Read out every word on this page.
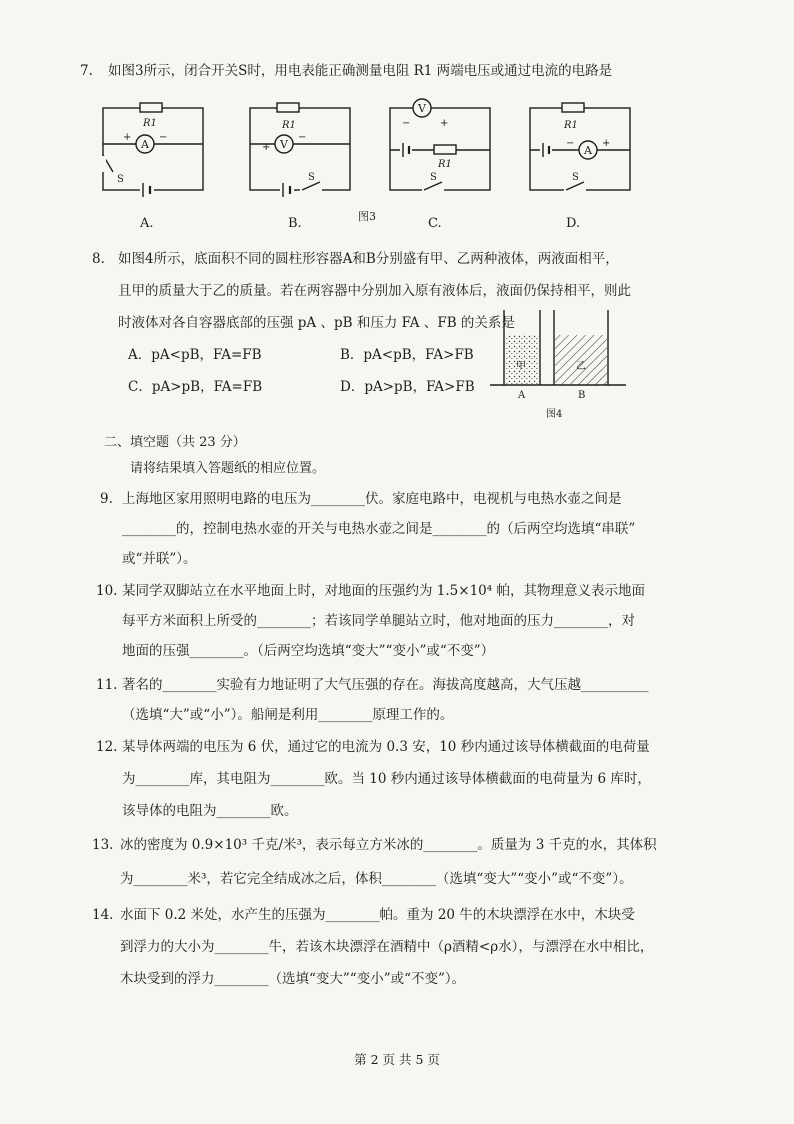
7. 如图3所示，闭合开关S时，用电表能正确测量电阻 R1 两端电压或通过电流的电路是
A
R1
+	−
S
A.
V
R1
+
−
S
B.	图3
V
−	+
R1
S
C.
R1
A
−	+
S
D.
8. 如图4所示，底面积不同的圆柱形容器A和B分别盛有甲、乙两种液体，两液面相平，
且甲的质量大于乙的质量。若在两容器中分别加入原有液体后，液面仍保持相平，则此
时液体对各自容器底部的压强 pA 、pB 和压力 FA 、FB 的关系是
A．pA<pB，FA=FB	B．pA<pB，FA>FB
C．pA>pB，FA=FB	D．pA>pB，FA>FB
甲	乙
A	B
图4
二、填空题（共 23 分）
请将结果填入答题纸的相应位置。
9. 上海地区家用照明电路的电压为________伏。家庭电路中，电视机与电热水壶之间是
________的，控制电热水壶的开关与电热水壶之间是________的（后两空均选填“串联”
或“并联”）。
10. 某同学双脚站立在水平地面上时，对地面的压强约为 1.5×10⁴ 帕，其物理意义表示地面
每平方米面积上所受的________；若该同学单腿站立时，他对地面的压力________，对
地面的压强________。（后两空均选填“变大”“变小”或“不变”）
11. 著名的________实验有力地证明了大气压强的存在。海拔高度越高，大气压越__________
（选填“大”或“小”）。船闸是利用________原理工作的。
12. 某导体两端的电压为 6 伏，通过它的电流为 0.3 安，10 秒内通过该导体横截面的电荷量
为________库，其电阻为________欧。当 10 秒内通过该导体横截面的电荷量为 6 库时，
该导体的电阻为________欧。
13. 冰的密度为 0.9×10³ 千克/米³，表示每立方米冰的________。质量为 3 千克的水，其体积
为________米³，若它完全结成冰之后，体积________（选填“变大”“变小”或“不变”）。
14. 水面下 0.2 米处，水产生的压强为________帕。重为 20 牛的木块漂浮在水中，木块受
到浮力的大小为________牛，若该木块漂浮在酒精中（ρ酒精<ρ水），与漂浮在水中相比，
木块受到的浮力________（选填“变大”“变小”或“不变”）。
第 2 页 共 5 页
